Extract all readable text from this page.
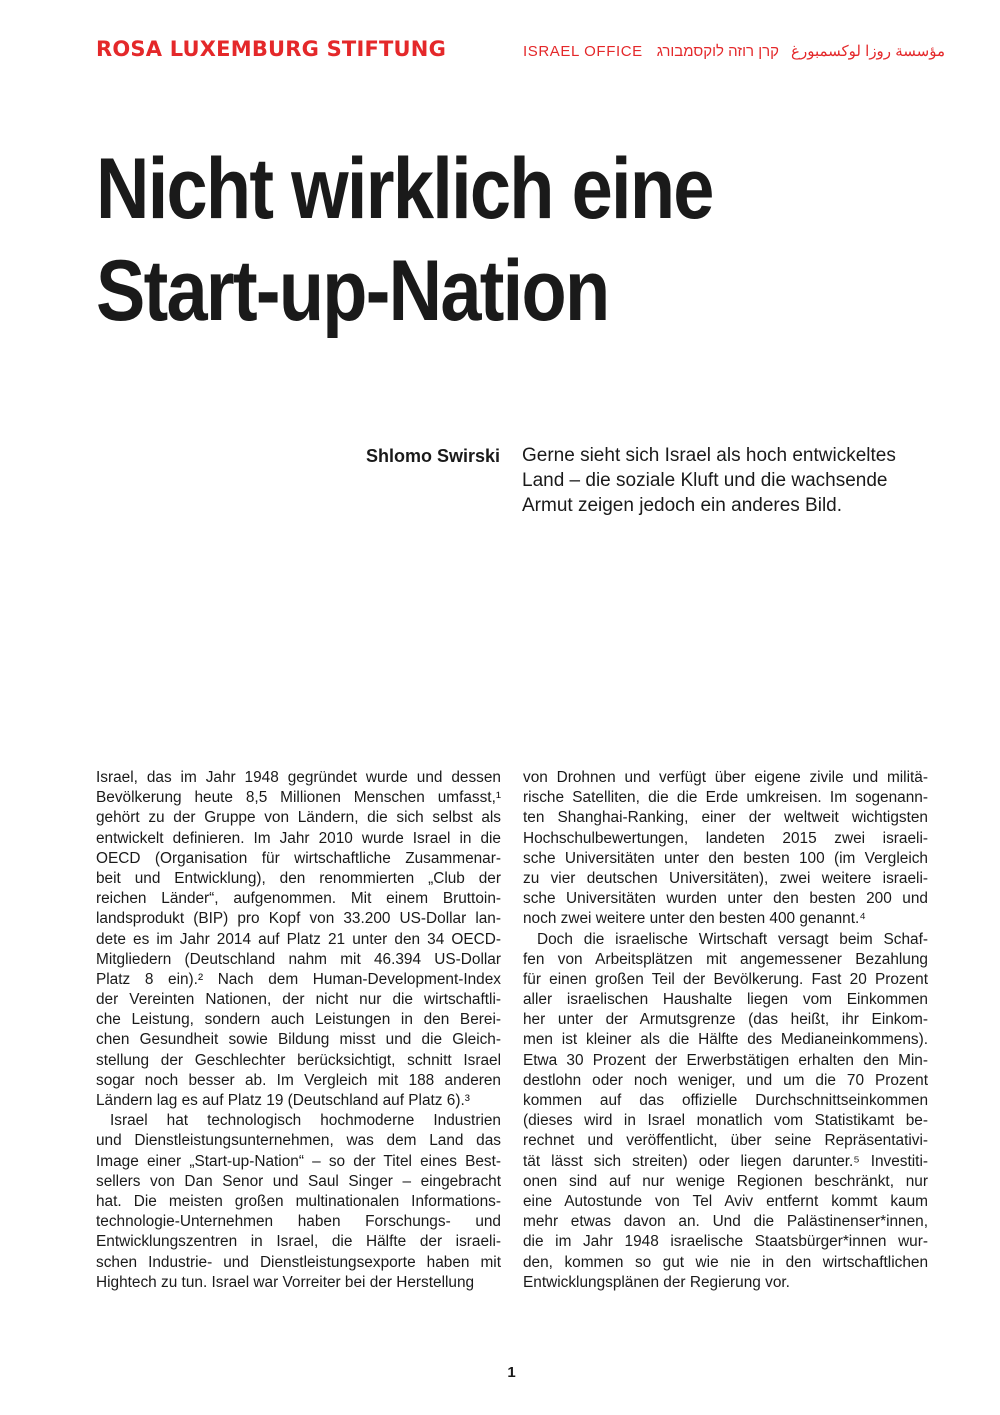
ROSA LUXEMBURG STIFTUNG	ISRAEL OFFICE קרן רוזה לוקסמבורג مؤسسة روزا لوكسمبورغ
Nicht wirklich eine
Start-up-Nation
Shlomo Swirski Gerne sieht sich Israel als hoch entwickeltes
Land – die soziale Kluft und die wachsende
Armut zeigen jedoch ein anderes Bild.
Israel, das im Jahr 1948 gegründet wurde und dessen
Bevölkerung heute 8,5 Millionen Menschen umfasst,¹
gehört zu der Gruppe von Ländern, die sich selbst als
entwickelt definieren. Im Jahr 2010 wurde Israel in die
OECD (Organisation für wirtschaftliche Zusammenar-
beit und Entwicklung), den renommierten „Club der
reichen Länder“, aufgenommen. Mit einem Bruttoin-
landsprodukt (BIP) pro Kopf von 33.200 US-Dollar lan-
dete es im Jahr 2014 auf Platz 21 unter den 34 OECD-
Mitgliedern (Deutschland nahm mit 46.394 US-Dollar
Platz 8 ein).² Nach dem Human-Development-Index
der Vereinten Nationen, der nicht nur die wirtschaftli-
che Leistung, sondern auch Leistungen in den Berei-
chen Gesundheit sowie Bildung misst und die Gleich-
stellung der Geschlechter berücksichtigt, schnitt Israel
sogar noch besser ab. Im Vergleich mit 188 anderen
Ländern lag es auf Platz 19 (Deutschland auf Platz 6).³
Israel hat technologisch hochmoderne Industrien
und Dienstleistungsunternehmen, was dem Land das
Image einer „Start-up-Nation“ – so der Titel eines Best-
sellers von Dan Senor und Saul Singer – eingebracht
hat. Die meisten großen multinationalen Informations-
technologie-Unternehmen haben Forschungs- und
Entwicklungszentren in Israel, die Hälfte der israeli-
schen Industrie- und Dienstleistungsexporte haben mit
Hightech zu tun. Israel war Vorreiter bei der Herstellung
von Drohnen und verfügt über eigene zivile und militä-
rische Satelliten, die die Erde umkreisen. Im sogenann-
ten Shanghai-Ranking, einer der weltweit wichtigsten
Hochschulbewertungen, landeten 2015 zwei israeli-
sche Universitäten unter den besten 100 (im Vergleich
zu vier deutschen Universitäten), zwei weitere israeli-
sche Universitäten wurden unter den besten 200 und
noch zwei weitere unter den besten 400 genannt.⁴
Doch die israelische Wirtschaft versagt beim Schaf-
fen von Arbeitsplätzen mit angemessener Bezahlung
für einen großen Teil der Bevölkerung. Fast 20 Prozent
aller israelischen Haushalte liegen vom Einkommen
her unter der Armutsgrenze (das heißt, ihr Einkom-
men ist kleiner als die Hälfte des Medianeinkommens).
Etwa 30 Prozent der Erwerbstätigen erhalten den Min-
destlohn oder noch weniger, und um die 70 Prozent
kommen auf das offizielle Durchschnittseinkommen
(dieses wird in Israel monatlich vom Statistikamt be-
rechnet und veröffentlicht, über seine Repräsentativi-
tät lässt sich streiten) oder liegen darunter.⁵ Investiti-
onen sind auf nur wenige Regionen beschränkt, nur
eine Autostunde von Tel Aviv entfernt kommt kaum
mehr etwas davon an. Und die Palästinenser*innen,
die im Jahr 1948 israelische Staatsbürger*innen wur-
den, kommen so gut wie nie in den wirtschaftlichen
Entwicklungsplänen der Regierung vor.
1
